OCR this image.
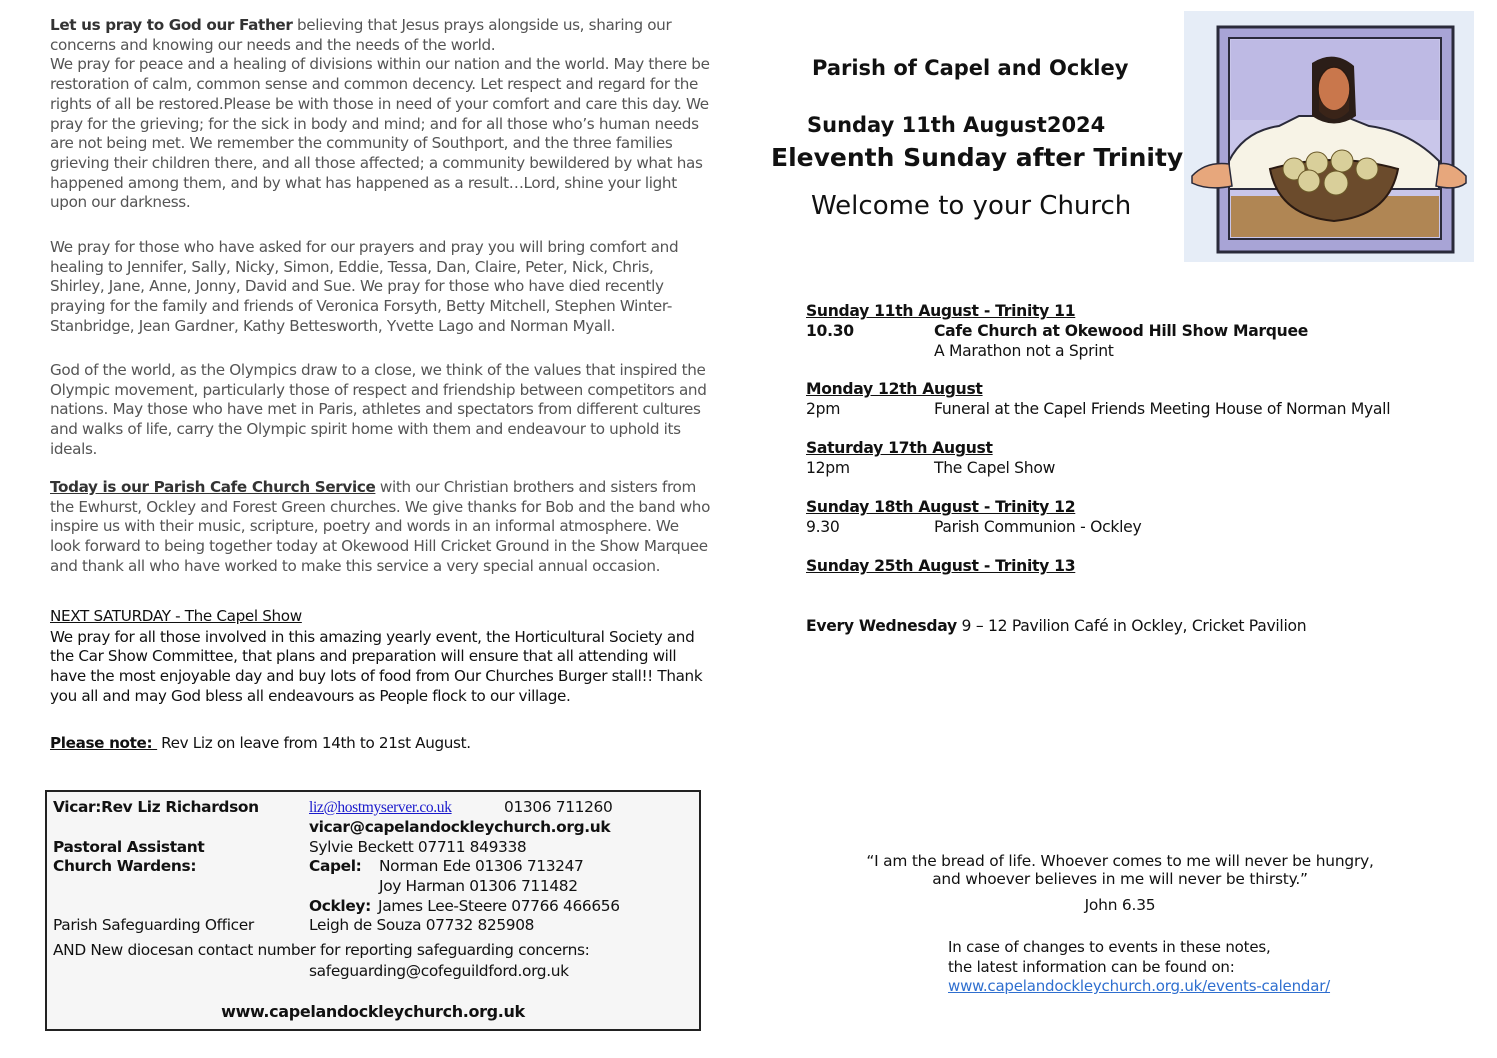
Let us pray to God our Father believing that Jesus prays alongside us, sharing our concerns and knowing our needs and the needs of the world.

We pray for peace and a healing of divisions within our nation and the world. May there be restoration of calm, common sense and common decency. Let respect and regard for the rights of all be restored.Please be with those in need of your comfort and care this day. We pray for the grieving; for the sick in body and mind; and for all those who’s human needs are not being met. We remember the community of Southport, and the three families grieving their children there, and all those affected; a community bewildered by what has happened among them, and by what has happened as a result…Lord, shine your light upon our darkness.

We pray for those who have asked for our prayers and pray you will bring comfort and healing to Jennifer, Sally, Nicky, Simon, Eddie, Tessa, Dan, Claire, Peter, Nick, Chris, Shirley, Jane, Anne, Jonny, David and Sue. We pray for those who have died recently praying for the family and friends of Veronica Forsyth, Betty Mitchell, Stephen Winter-Stanbridge, Jean Gardner, Kathy Bettesworth, Yvette Lago and Norman Myall.

God of the world, as the Olympics draw to a close, we think of the values that inspired the Olympic movement, particularly those of respect and friendship between competitors and nations. May those who have met in Paris, athletes and spectators from different cultures and walks of life, carry the Olympic spirit home with them and endeavour to uphold its ideals.

Today is our Parish Cafe Church Service with our Christian brothers and sisters from the Ewhurst, Ockley and Forest Green churches. We give thanks for Bob and the band who inspire us with their music, scripture, poetry and words in an informal atmosphere. We look forward to being together today at Okewood Hill Cricket Ground in the Show Marquee and thank all who have worked to make this service a very special annual occasion.

NEXT SATURDAY - The Capel Show

We pray for all those involved in this amazing yearly event, the Horticultural Society and the Car Show Committee, that plans and preparation will ensure that all attending will have the most enjoyable day and buy lots of food from Our Churches Burger stall!! Thank you all and may God bless all endeavours as People flock to our village.

Please note: Rev Liz on leave from 14th to 21st August.

Vicar:Rev Liz Richardson	liz@hostmyserver.co.uk	01306 711260
vicar@capelandockleychurch.org.uk
Pastoral Assistant	Sylvie Beckett 07711 849338
Church Wardens:	Capel: Norman Ede 01306 713247
Joy Harman 01306 711482
Ockley: James Lee-Steere 07766 466656
Parish Safeguarding Officer	Leigh de Souza 07732 825908
AND New diocesan contact number for reporting safeguarding concerns:
safeguarding@cofeguildford.org.uk
www.capelandockleychurch.org.uk
Parish of Capel and Ockley
Sunday 11th August2024
Eleventh Sunday after Trinity
Welcome to your Church
Sunday 11th August - Trinity 11
10.30	Cafe Church at Okewood Hill Show Marquee
A Marathon not a Sprint
Monday 12th August
2pm	Funeral at the Capel Friends Meeting House of Norman Myall
Saturday 17th August
12pm	The Capel Show
Sunday 18th August - Trinity 12
9.30	Parish Communion - Ockley
Sunday 25th August - Trinity 13
Every Wednesday 9 – 12 Pavilion Café in Ockley, Cricket Pavilion
“I am the bread of life. Whoever comes to me will never be hungry,
and whoever believes in me will never be thirsty.”
John 6.35
In case of changes to events in these notes,
the latest information can be found on:
www.capelandockleychurch.org.uk/events-calendar/
